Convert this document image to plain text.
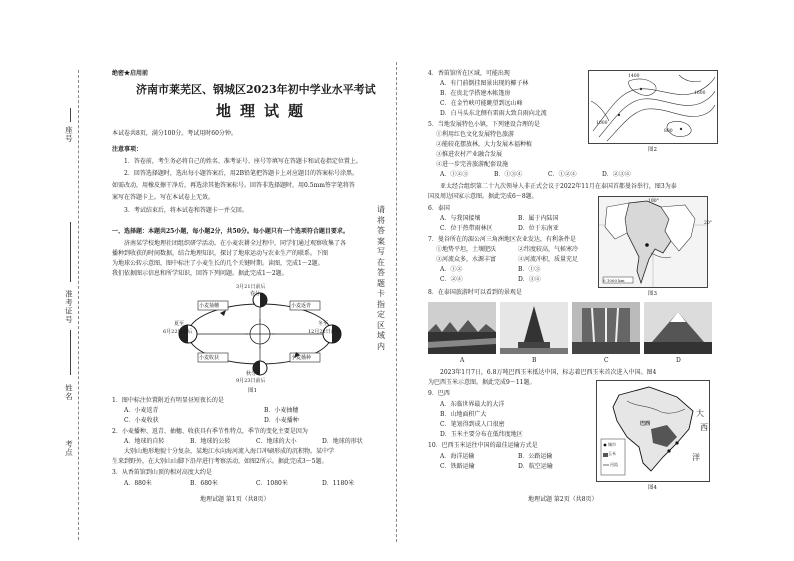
座号
准考证号
姓名
考点
绝密★启用前
济南市莱芜区、钢城区2023年初中学业水平考试
地理试题
本试卷共8页，满分100分。考试用时60分钟。
注意事项：
1．答卷前，考生务必将自己的姓名、准考证号、座号等填写在答题卡和试卷指定位置上。
2．回答选择题时，选出每小题答案后，用2B铅笔把答题卡上对应题目的答案标号涂黑。
如需改动，用橡皮擦干净后，再选涂其他答案标号。回答非选择题时，用0.5mm签字笔将答
案写在答题卡上。写在本试卷上无效。
3．考试结束后，将本试卷和答题卡一并交回。
一、选择题：本题共25小题，每小题2分，共50分。每小题只有一个选项符合题目要求。
济南某学校地理社团组织研学活动。在小麦农耕全过程中，同学们通过观察收集了各
播种到收获的时间数据，结合地理知识，探讨了地球运动与农业生产的联系。下图
为地球公转示意图，图中标注了小麦生长的几个关键时期。读图，完成1～2题。
我们依据图示信息和所学知识，回答下列问题。据此完成1～2题。
3月21日前后
春分
夏至
6月22日前后
冬至
12月22日前后
秋分
9月23日前后
小麦抽穗	小麦返青
小麦收获	小麦播种
图1
1．图中标注位置附近有明显昼短夜长的是
A．小麦返青	B．小麦抽穗
C．小麦收获	D．小麦播种
2．小麦播种、返青、抽穗、收获具有季节性特点，季节的变化主要是因为
A．地球的自转	B．地球的公转	C．地球的大小	D．地球的形状
大别山地形地貌十分复杂，某地江水向海河流入海口冲刷形成的沉积物。某中学
生来到野外，在大别山山脚下沿岸进行考察活动，如图2所示。据此完成3～5题。
3．从香笛馆到山顶的相对高度大约是
A．880米	B．680米	C．1080米	D．1180米
地理试题 第1页（共8页）
请将答案写在答题卡指定区域内
4．香笛馆所在区域，可能出现
A．有门前倒挂图景出现的椰子林
B．在贵北学搭建木帐篷房
C．在金竹峡可能眺望到远山峰
D．白马头东北侧有雷雨大致自雨向北流
1400
1600
1000
800
图2
5．当地发展特色小镇，下列建设合理的是
①利用红色文化发展特色旅游
②能较花摆放林，大力发展木福种植
③推进农村产业融合发展
④进一步完善旅游配套设施
A．①②③	B．①③④	C．①②④	D．②③④
亚太经合组织第二十九次领导人非正式会议于2022年11月在泰国首都曼谷举行，图3为泰
国及周边国家示意图。据此完成6～8题。
20°
100°
0 1000 km
图3
6．泰国
A．与我国接壤	B．属于内陆国
C．位于热带雨林区	D．位于东南亚
7．曼谷所在的湄公河三角洲地区农业发达，有利条件是
①地势平坦，土壤肥沃	②纬度较高，气候寒冷
③河流众多，水源丰富	④河流冲积，质量充足
A．①②	B．①③
C．②④	D．③④
8．在泰国旅游时可以看到的景观是
A	B	C	D
2023年1月7日，6.8万吨巴西玉米抵达中国，标志着巴西玉米首次进入中国。图4
为巴西玉米示意图。据此完成9～11题。
9．巴西
A．东临世界最大的大洋
B．山地面积广大
C．笔划得到成人口很密
D．玉米主要分布在低纬度地区
10．巴西玉米运往中国的最佳运输方式是
A．海洋运输	B．公路运输
C．铁路运输	D．航空运输
巴西
大
西
洋
城市
玉米
河流
图4
地理试题 第2页（共8页）
